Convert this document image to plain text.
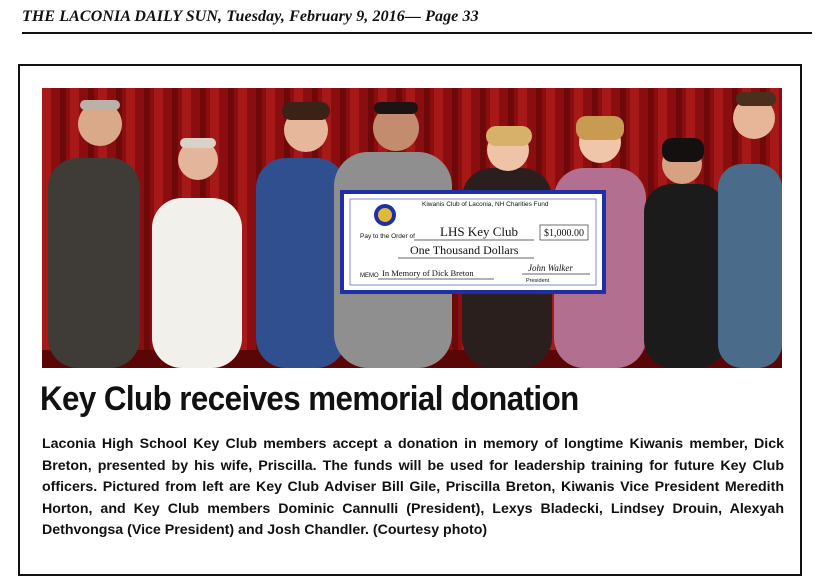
THE LACONIA DAILY SUN, Tuesday, February 9, 2016— Page 33
Kiwanis Club of Laconia, NH Charities Fund
Pay to the Order of LHS Key Club	$1,000.00
One Thousand Dollars
MEMO In Memory of Dick Breton	John Walker
President
Key Club receives memorial donation
Laconia High School Key Club members accept a donation in memory of longtime Kiwanis member, Dick Breton, presented by his wife, Priscilla. The funds will be used for leadership training for future Key Club officers. Pictured from left are Key Club Adviser Bill Gile, Priscilla Breton, Kiwanis Vice President Meredith Horton, and Key Club members Dominic Cannulli (President), Lexys Bladecki, Lindsey Drouin, Alexyah Dethvongsa (Vice President) and Josh Chandler. (Courtesy photo)
